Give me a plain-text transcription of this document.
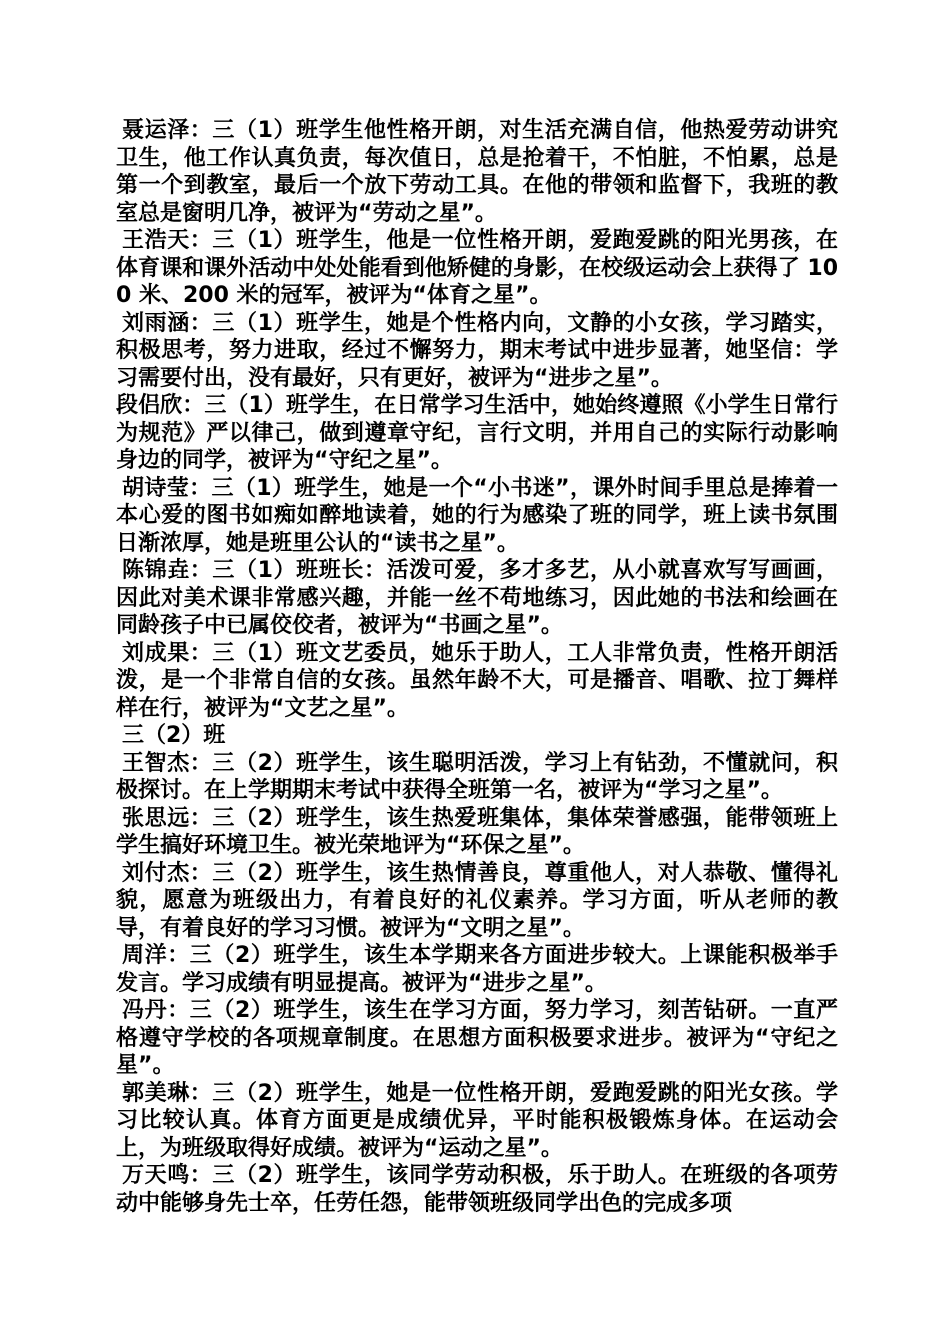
聂运泽：三（1）班学生他性格开朗，对生活充满自信，他热爱劳动讲究卫生，他工作认真负责，每次值日，总是抢着干，不怕脏，不怕累，总是第一个到教室，最后一个放下劳动工具。在他的带领和监督下，我班的教室总是窗明几净，被评为“劳动之星”。

王浩天：三（1）班学生，他是一位性格开朗，爱跑爱跳的阳光男孩，在体育课和课外活动中处处能看到他矫健的身影，在校级运动会上获得了 100 米、200 米的冠军，被评为“体育之星”。

刘雨涵：三（1）班学生，她是个性格内向，文静的小女孩，学习踏实，积极思考，努力进取，经过不懈努力，期末考试中进步显著，她坚信：学习需要付出，没有最好，只有更好，被评为“进步之星”。

段侣欣：三（1）班学生，在日常学习生活中，她始终遵照《小学生日常行为规范》严以律己，做到遵章守纪，言行文明，并用自己的实际行动影响身边的同学，被评为“守纪之星”。

胡诗莹：三（1）班学生，她是一个“小书迷”，课外时间手里总是捧着一本心爱的图书如痴如醉地读着，她的行为感染了班的同学，班上读书氛围日渐浓厚，她是班里公认的“读书之星”。

陈锦垚：三（1）班班长：活泼可爱，多才多艺，从小就喜欢写写画画，因此对美术课非常感兴趣，并能一丝不苟地练习，因此她的书法和绘画在同龄孩子中已属佼佼者，被评为“书画之星”。

刘成果：三（1）班文艺委员，她乐于助人，工人非常负责，性格开朗活泼，是一个非常自信的女孩。虽然年龄不大，可是播音、唱歌、拉丁舞样样在行，被评为“文艺之星”。

三（2）班

王智杰：三（2）班学生，该生聪明活泼，学习上有钻劲，不懂就问，积极探讨。在上学期期末考试中获得全班第一名，被评为“学习之星”。

张思远：三（2）班学生，该生热爱班集体，集体荣誉感强，能带领班上学生搞好环境卫生。被光荣地评为“环保之星”。

刘付杰：三（2）班学生，该生热情善良，尊重他人，对人恭敬、懂得礼貌，愿意为班级出力，有着良好的礼仪素养。学习方面，听从老师的教导，有着良好的学习习惯。被评为“文明之星”。

周洋：三（2）班学生，该生本学期来各方面进步较大。上课能积极举手发言。学习成绩有明显提高。被评为“进步之星”。

冯丹：三（2）班学生，该生在学习方面，努力学习，刻苦钻研。一直严格遵守学校的各项规章制度。在思想方面积极要求进步。被评为“守纪之星”。

郭美琳：三（2）班学生，她是一位性格开朗，爱跑爱跳的阳光女孩。学习比较认真。体育方面更是成绩优异，平时能积极锻炼身体。在运动会上，为班级取得好成绩。被评为“运动之星”。

万天鸣：三（2）班学生，该同学劳动积极，乐于助人。在班级的各项劳动中能够身先士卒，任劳任怨，能带领班级同学出色的完成多项
